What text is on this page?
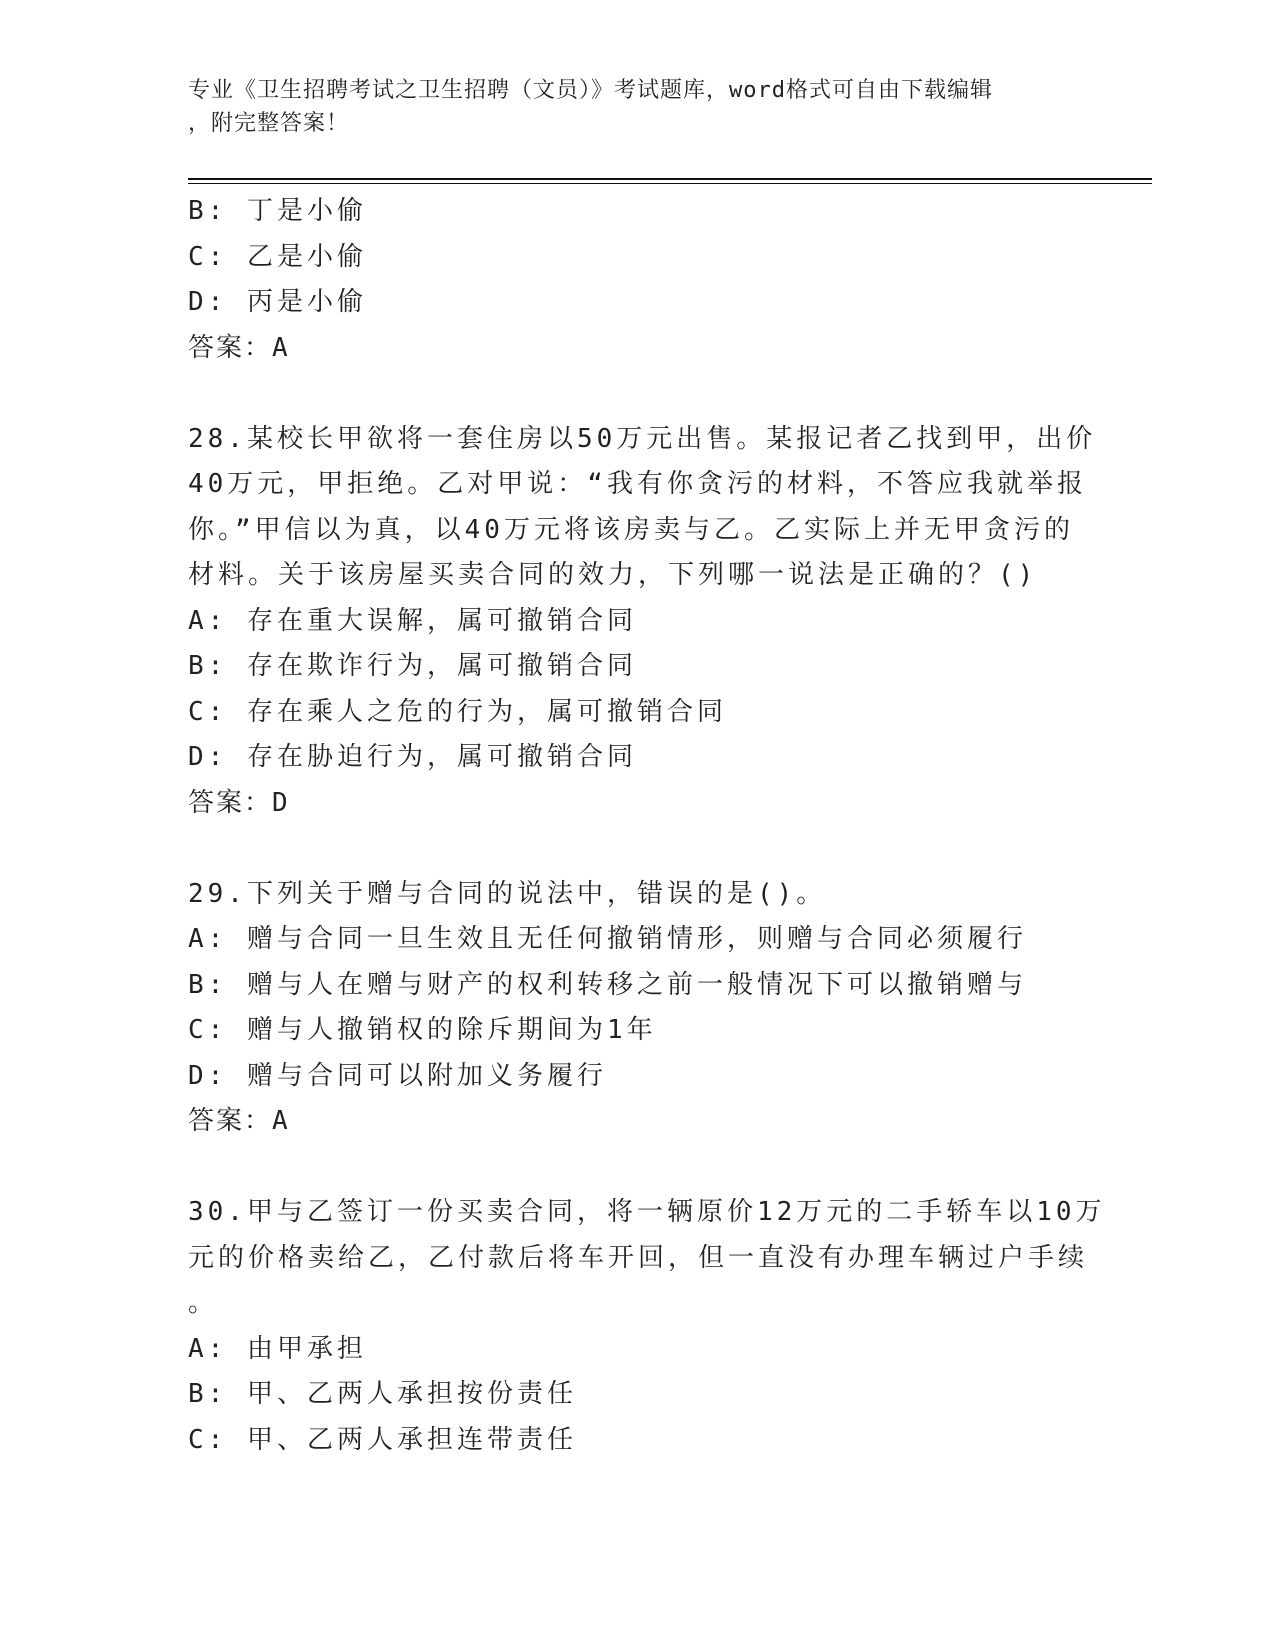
专业《卫生招聘考试之卫生招聘（文员）》考试题库，word格式可自由下载编辑
，附完整答案！
B: 丁是小偷
C: 乙是小偷
D: 丙是小偷
答案：A
28.某校长甲欲将一套住房以50万元出售。某报记者乙找到甲，出价
40万元，甲拒绝。乙对甲说：“我有你贪污的材料，不答应我就举报
你。”甲信以为真，以40万元将该房卖与乙。乙实际上并无甲贪污的
材料。关于该房屋买卖合同的效力，下列哪一说法是正确的？()
A: 存在重大误解，属可撤销合同
B: 存在欺诈行为，属可撤销合同
C: 存在乘人之危的行为，属可撤销合同
D: 存在胁迫行为，属可撤销合同
答案：D
29.下列关于赠与合同的说法中，错误的是()。
A: 赠与合同一旦生效且无任何撤销情形，则赠与合同必须履行
B: 赠与人在赠与财产的权利转移之前一般情况下可以撤销赠与
C: 赠与人撤销权的除斥期间为1年
D: 赠与合同可以附加义务履行
答案：A
30.甲与乙签订一份买卖合同，将一辆原价12万元的二手轿车以10万
元的价格卖给乙，乙付款后将车开回，但一直没有办理车辆过户手续
。
A: 由甲承担
B: 甲、乙两人承担按份责任
C: 甲、乙两人承担连带责任
